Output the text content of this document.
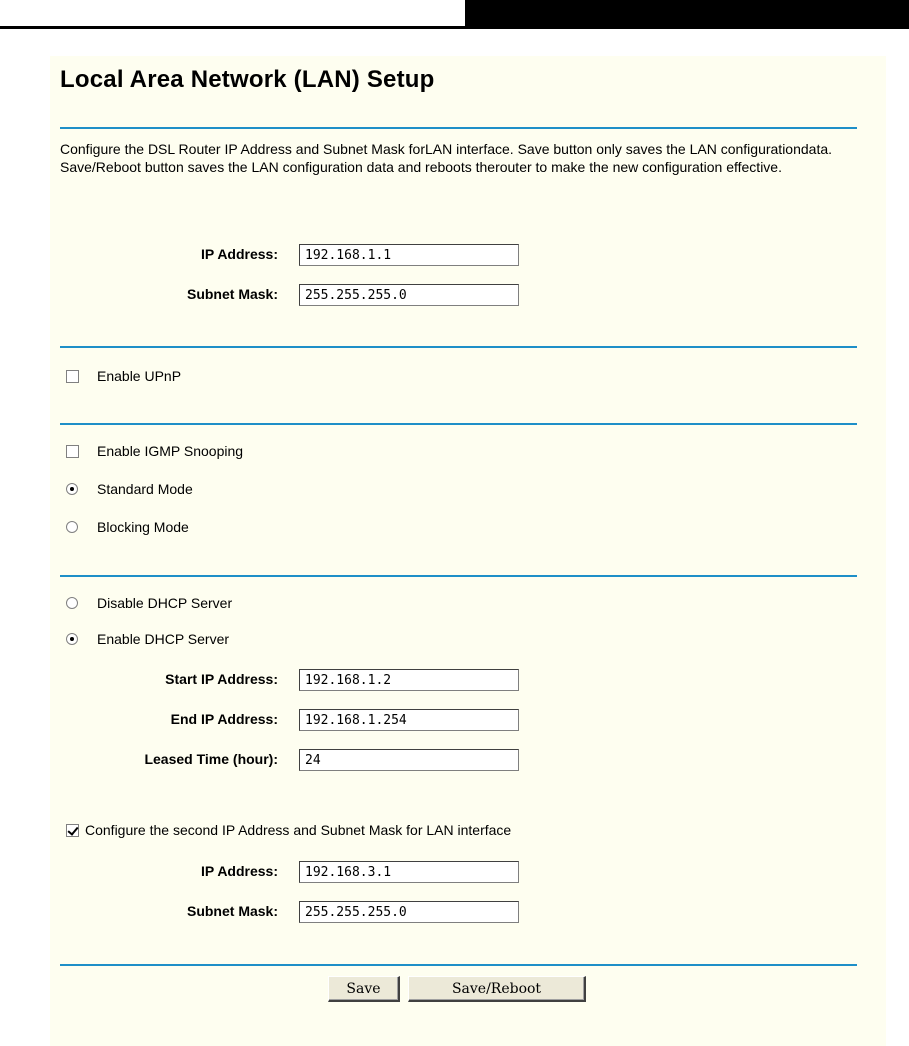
Local Area Network (LAN) Setup
Configure the DSL Router IP Address and Subnet Mask forLAN interface. Save button only saves the LAN configurationdata. Save/Reboot button saves the LAN configuration data and reboots therouter to make the new configuration effective.
IP Address:
192.168.1.1
Subnet Mask:
255.255.255.0
Enable UPnP
Enable IGMP Snooping
Standard Mode
Blocking Mode
Disable DHCP Server
Enable DHCP Server
Start IP Address:
192.168.1.2
End IP Address:
192.168.1.254
Leased Time (hour):
24
Configure the second IP Address and Subnet Mask for LAN interface
IP Address:
192.168.3.1
Subnet Mask:
255.255.255.0
Save	Save/Reboot
